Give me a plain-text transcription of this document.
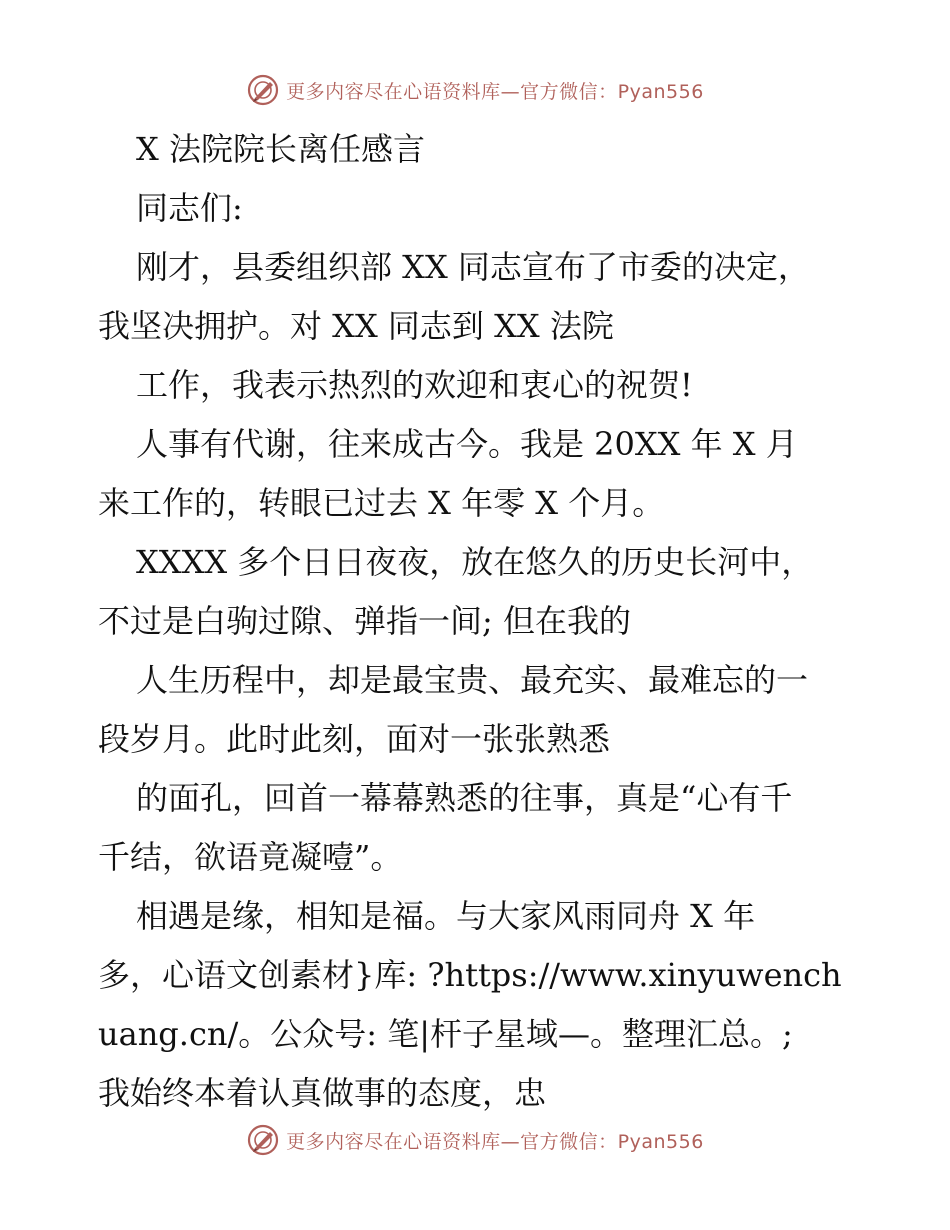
更多内容尽在心语资料库—官方微信：Pyan556
X 法院院长离任感言
同志们:
刚才，县委组织部 XX 同志宣布了市委的决定，
我坚决拥护。对 XX 同志到 XX 法院
工作，我表示热烈的欢迎和衷心的祝贺!
人事有代谢，往来成古今。我是 20XX 年 X 月
来工作的，转眼已过去 X 年零 X 个月。
XXXX 多个日日夜夜，放在悠久的历史长河中，
不过是白驹过隙、弹指一间; 但在我的
人生历程中，却是最宝贵、最充实、最难忘的一
段岁月。此时此刻，面对一张张熟悉
的面孔，回首一幕幕熟悉的往事，真是“心有千
千结，欲语竟凝噎”。
相遇是缘，相知是福。与大家风雨同舟 X 年
多，心语文创素材}库: ?https://www.xinyuwench
uang.cn/。公众号: 笔|杆子星域—。整理汇总。;
我始终本着认真做事的态度，忠
更多内容尽在心语资料库—官方微信：Pyan556
